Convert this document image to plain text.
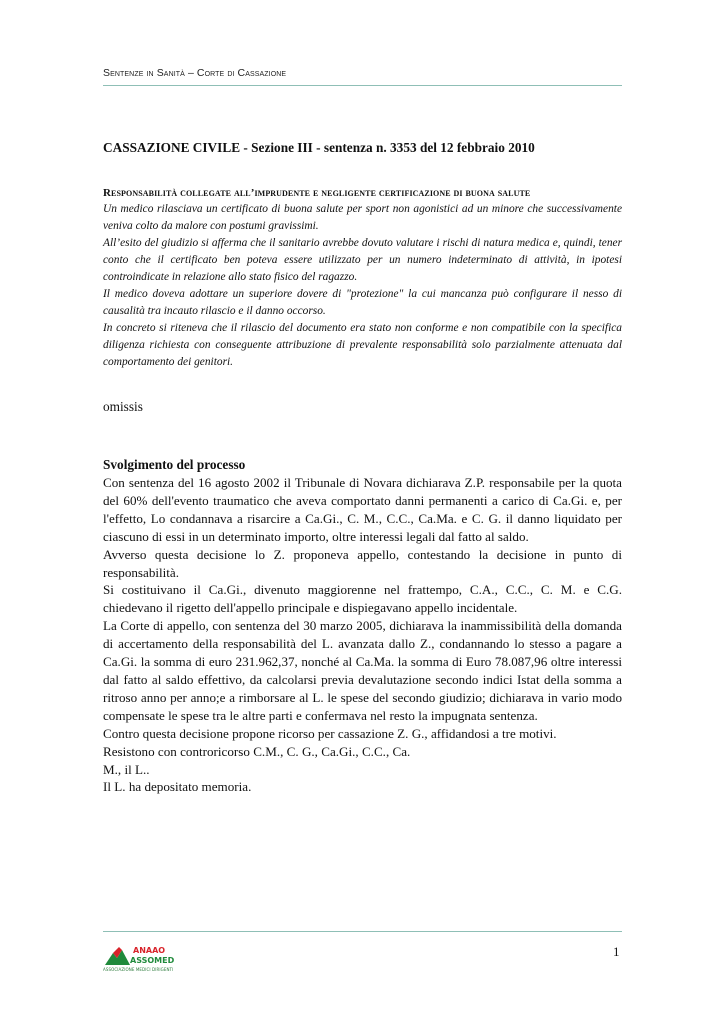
Sentenze in Sanità – Corte di Cassazione
CASSAZIONE CIVILE - Sezione III - sentenza n. 3353 del 12 febbraio 2010
Responsabilità collegate all’imprudente e negligente certificazione di buona salute

Un medico rilasciava un certificato di buona salute per sport non agonistici ad un minore che successivamente veniva colto da malore con postumi gravissimi.

All’esito del giudizio si afferma che il sanitario avrebbe dovuto valutare i rischi di natura medica e, quindi, tener conto che il certificato ben poteva essere utilizzato per un numero indeterminato di attività, in ipotesi controindicate in relazione allo stato fisico del ragazzo.

Il medico doveva adottare un superiore dovere di "protezione" la cui mancanza può configurare il nesso di causalità tra incauto rilascio e il danno occorso.

In concreto si riteneva che il rilascio del documento era stato non conforme e non compatibile con la specifica diligenza richiesta con conseguente attribuzione di prevalente responsabilità solo parzialmente attenuata dal comportamento dei genitori.

omissis
Svolgimento del processo

Con sentenza del 16 agosto 2002 il Tribunale di Novara dichiarava Z.P. responsabile per la quota del 60% dell'evento traumatico che aveva comportato danni permanenti a carico di Ca.Gi. e, per l'effetto, Lo condannava a risarcire a Ca.Gi., C. M., C.C., Ca.Ma. e C. G. il danno liquidato per ciascuno di essi in un determinato importo, oltre interessi legali dal fatto al saldo.

Avverso questa decisione lo Z. proponeva appello, contestando la decisione in punto di responsabilità.

Si costituivano il Ca.Gi., divenuto maggiorenne nel frattempo, C.A., C.C., C. M. e C.G. chiedevano il rigetto dell'appello principale e dispiegavano appello incidentale.

La Corte di appello, con sentenza del 30 marzo 2005, dichiarava la inammissibilità della domanda di accertamento della responsabilità del L. avanzata dallo Z., condannando lo stesso a pagare a Ca.Gi. la somma di euro 231.962,37, nonché al Ca.Ma. la somma di Euro 78.087,96 oltre interessi dal fatto al saldo effettivo, da calcolarsi previa devalutazione secondo indici Istat della somma a ritroso anno per anno;e a rimborsare al L. le spese del secondo giudizio; dichiarava in vario modo compensate le spese tra le altre parti e confermava nel resto la impugnata sentenza.

Contro questa decisione propone ricorso per cassazione Z. G., affidandosi a tre motivi.

Resistono con controricorso C.M., C. G., Ca.Gi., C.C., Ca.

M., il L..

Il L. ha depositato memoria.

ANAAO
ASSOMED
ASSOCIAZIONE MEDICI DIRIGENTI
1
